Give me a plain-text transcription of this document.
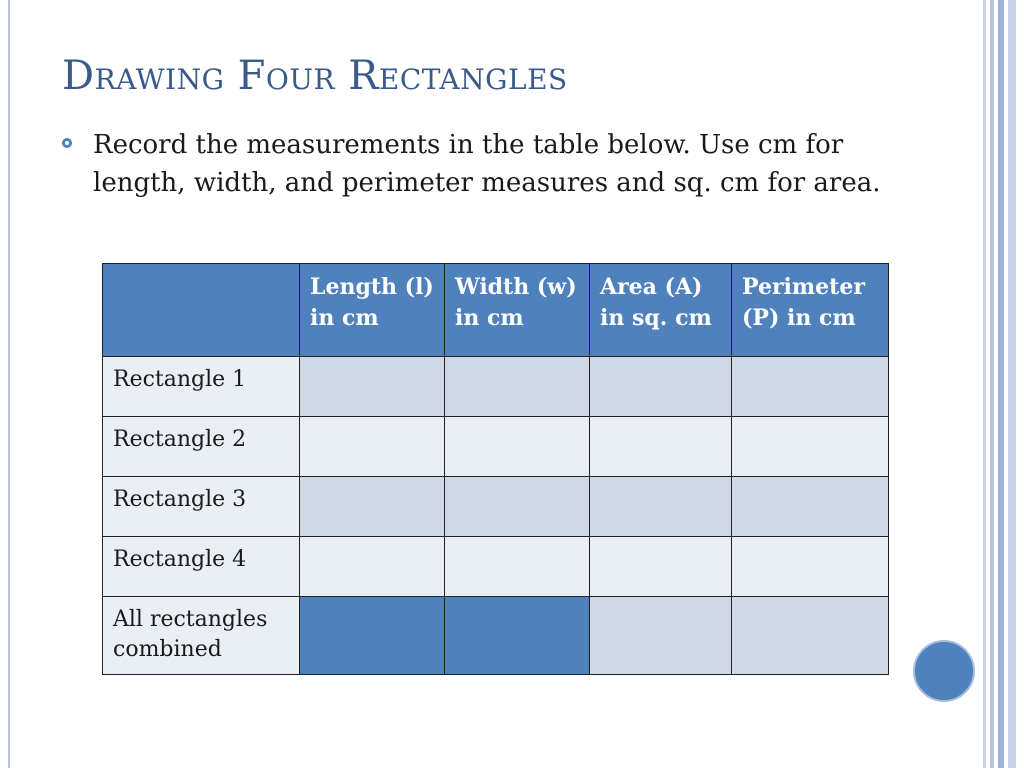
Drawing Four Rectangles

Record the measurements in the table below. Use cm for length, width, and perimeter measures and sq. cm for area.

	Length (l) in cm	Width (w) in cm	Area (A) in sq. cm	Perimeter (P) in cm

Rectangle 1				
Rectangle 2				
Rectangle 3				
Rectangle 4				
All rectangles combined				
